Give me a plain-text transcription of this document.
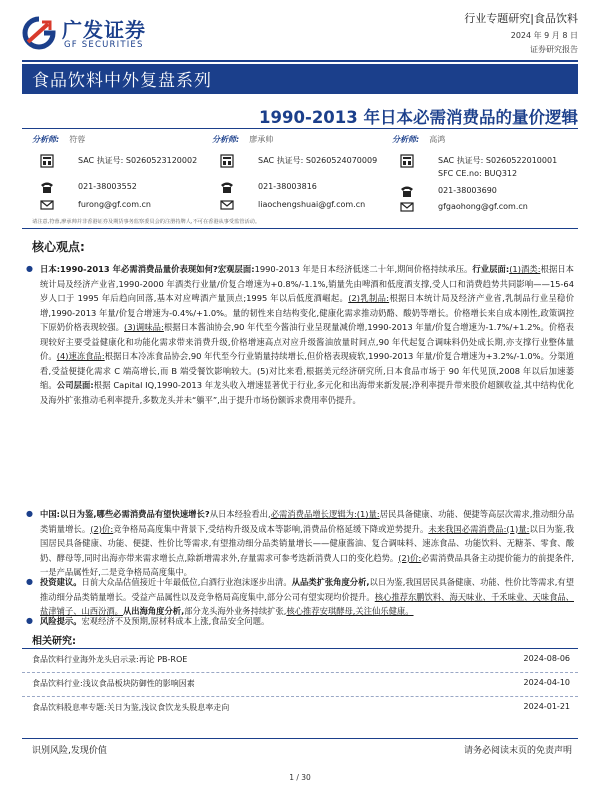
广发证券
GF SECURITIES
行业专题研究|食品饮料
2024 年 9 月 8 日
证券研究报告
食品饮料中外复盘系列
1990-2013 年日本必需消费品的量价逻辑
分析师: 符蓉
SAC 执证号: S0260523120002
021-38003552
furong@gf.com.cn
分析师: 廖承帅
SAC 执证号: S0260524070009
021-38003816
liaochengshuai@gf.com.cn
分析师: 高鸿
SAC 执证号: S0260522010001
SFC CE.no: BUQ312
021-38003690
gfgaohong@gf.com.cn
请注意,符蓉,廖承帅并非香港证券及期货事务监察委员会的注册持牌人,不可在香港从事受监管活动。
核心观点:
● 日本:1990-2013 年必需消费品量价表现如何?宏观层面:1990-2013 年是日本经济低迷二十年,期间价格持续承压。行业层面:(1)酒类:根据日本统计局及经济产业省,1990-2000 年酒类行业量/价复合增速为+0.8%/-1.1%,销量先由啤酒和低度酒支撑,受人口和消费趋势共同影响——15-64 岁人口于 1995 年后趋向回落,基本对应啤酒产量顶点;1995 年以后低度酒崛起。(2)乳制品:根据日本统计局及经济产业省,乳制品行业呈稳价增,1990-2013 年量/价复合增速为-0.4%/+1.0%。量的韧性来自结构变化,健康化需求推动奶酪、酸奶等增长。价格增长来自成本刚性,政策调控下原奶价格表现较强。(3)调味品:根据日本酱油协会,90 年代至今酱油行业呈现量减价增,1990-2013 年量/价复合增速为-1.7%/+1.2%。价格表现较好主要受益健康化和功能化需求带来消费升级,价格增速高点对应升级酱油放量时间点,90 年代起复合调味料仍处成长期,亦支撑行业整体量价。(4)速冻食品:根据日本冷冻食品协会,90 年代至今行业销量持续增长,但价格表现疲软,1990-2013 年量/价复合增速为+3.2%/-1.0%。分渠道看,受益便捷化需求 C 端高增长,而 B 端受餐饮影响较大。(5)对比来看,根据美元经济研究所,日本食品市场于 90 年代见顶,2008 年以后加速萎缩。公司层面:根据 Capital IQ,1990-2013 年龙头收入增速显著优于行业,多元化和出海带来新发展;净利率提升带来股价超额收益,其中结构优化及海外扩张推动毛利率提升,多数龙头并未“躺平”,出于提升市场份额诉求费用率仍提升。
● 中国:以日为鉴,哪些必需消费品有望快速增长?从日本经验看出,必需消费品增长逻辑为:(1)量:居民具备健康、功能、便捷等高层次需求,推动细分品类销量增长。(2)价:竞争格局高度集中背景下,受结构升级及成本等影响,消费品价格延缓下降或逆势提升。未来我国必需消费品:(1)量:以日为鉴,我国居民具备健康、功能、便捷、性价比等需求,有望推动细分品类销量增长——健康酱油、复合调味料、速冻食品、功能饮料、无糖茶、零食、酸奶、酵母等,同时出海亦带来需求增长点,除新增需求外,存量需求可参考迭新消费人口的变化趋势。(2)价:必需消费品具备主动提价能力的前提条件,一是产品属性好,二是竞争格局高度集中。
● 投资建议。日前大众品估值接近十年最低位,白酒行业泡沫逐步出清。从品类扩张角度分析,以日为鉴,我国居民具备健康、功能、性价比等需求,有望推动细分品类销量增长。受益产品属性以及竞争格局高度集中,部分公司有望实现均价提升。核心推荐东鹏饮料、海天味业、千禾味业、天味食品、盐津铺子、山西汾酒。从出海角度分析,部分龙头海外业务持续扩张,核心推荐安琪酵母,关注仙乐健康。
● 风险提示。宏观经济不及预期,原材料成本上涨,食品安全问题。
相关研究:
食品饮料行业海外龙头启示录:再论 PB-ROE	2024-08-06
食品饮料行业:浅议食品板块防御性的影响因素	2024-04-10
食品饮料股息率专题:关日为鉴,浅议食饮龙头股息率走向	2024-01-21
识别风险,发现价值	请务必阅读末页的免责声明
1 / 30
